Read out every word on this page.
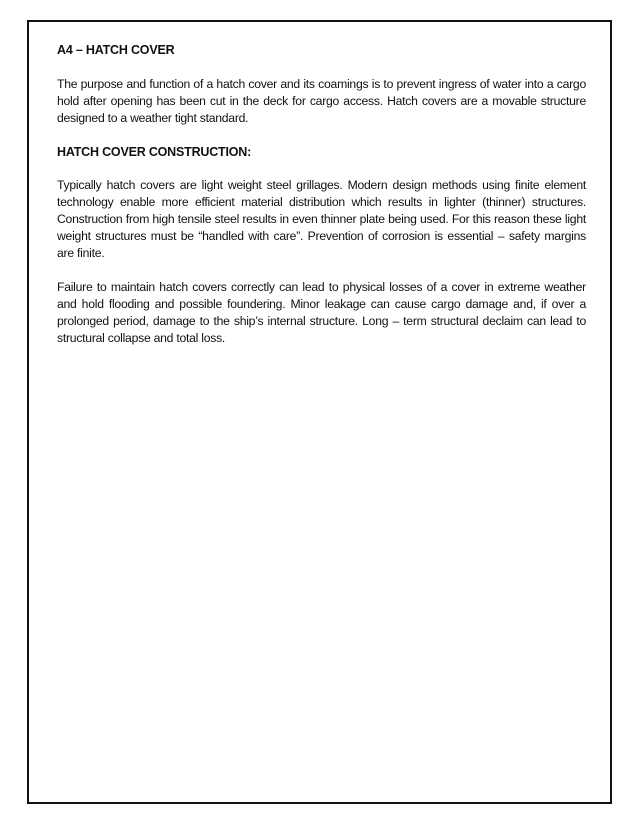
A4 – HATCH COVER

The purpose and function of a hatch cover and its coamings is to prevent ingress of water into a cargo hold after opening has been cut in the deck for cargo access. Hatch covers are a movable structure designed to a weather tight standard.

HATCH COVER CONSTRUCTION:

Typically hatch covers are light weight steel grillages. Modern design methods using finite element technology enable more efficient material distribution which results in lighter (thinner) structures. Construction from high tensile steel results in even thinner plate being used. For this reason these light weight structures must be “handled with care”. Prevention of corrosion is essential – safety margins are finite.

Failure to maintain hatch covers correctly can lead to physical losses of a cover in extreme weather and hold flooding and possible foundering. Minor leakage can cause cargo damage and, if over a prolonged period, damage to the ship’s internal structure. Long – term structural declaim can lead to structural collapse and total loss.
